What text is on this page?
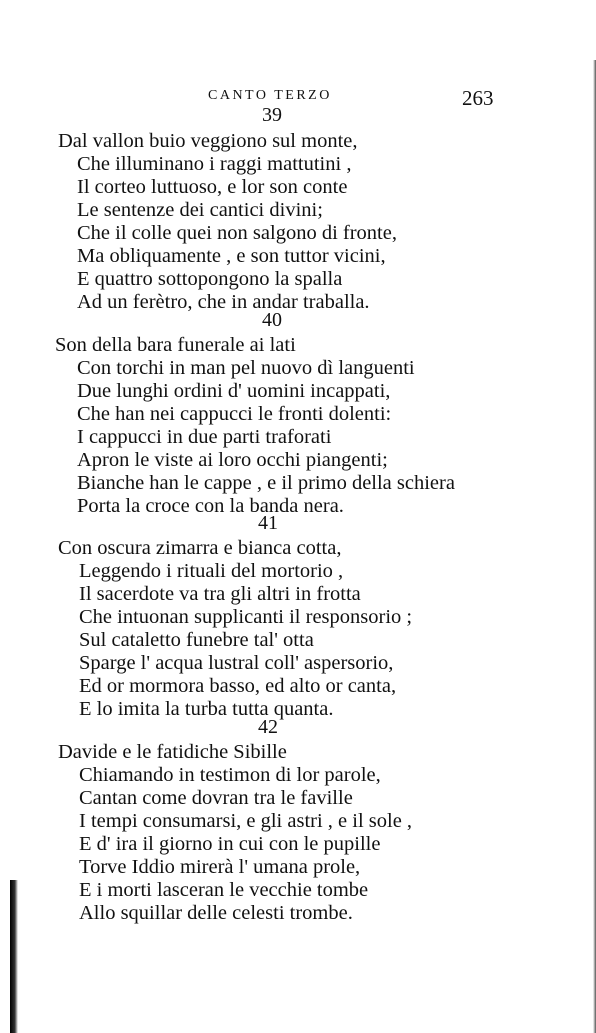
CANTO TERZO	263
39
Dal vallon buio veggiono sul monte,
Che illuminano i raggi mattutini ,
Il corteo luttuoso, e lor son conte
Le sentenze dei cantici divini;
Che il colle quei non salgono di fronte,
Ma obliquamente , e son tuttor vicini,
E quattro sottopongono la spalla
Ad un ferètro, che in andar traballa.
40
Son della bara funerale ai lati
Con torchi in man pel nuovo dì languenti
Due lunghi ordini d' uomini incappati,
Che han nei cappucci le fronti dolenti:
I cappucci in due parti traforati
Apron le viste ai loro occhi piangenti;
Bianche han le cappe , e il primo della schiera
Porta la croce con la banda nera.
41
Con oscura zimarra e bianca cotta,
Leggendo i rituali del mortorio ,
Il sacerdote va tra gli altri in frotta
Che intuonan supplicanti il responsorio ;
Sul cataletto funebre tal' otta
Sparge l' acqua lustral coll' aspersorio,
Ed or mormora basso, ed alto or canta,
E lo imita la turba tutta quanta.
42
Davide e le fatidiche Sibille
Chiamando in testimon di lor parole,
Cantan come dovran tra le faville
I tempi consumarsi, e gli astri , e il sole ,
E d' ira il giorno in cui con le pupille
Torve Iddio mirerà l' umana prole,
E i morti lasceran le vecchie tombe
Allo squillar delle celesti trombe.
